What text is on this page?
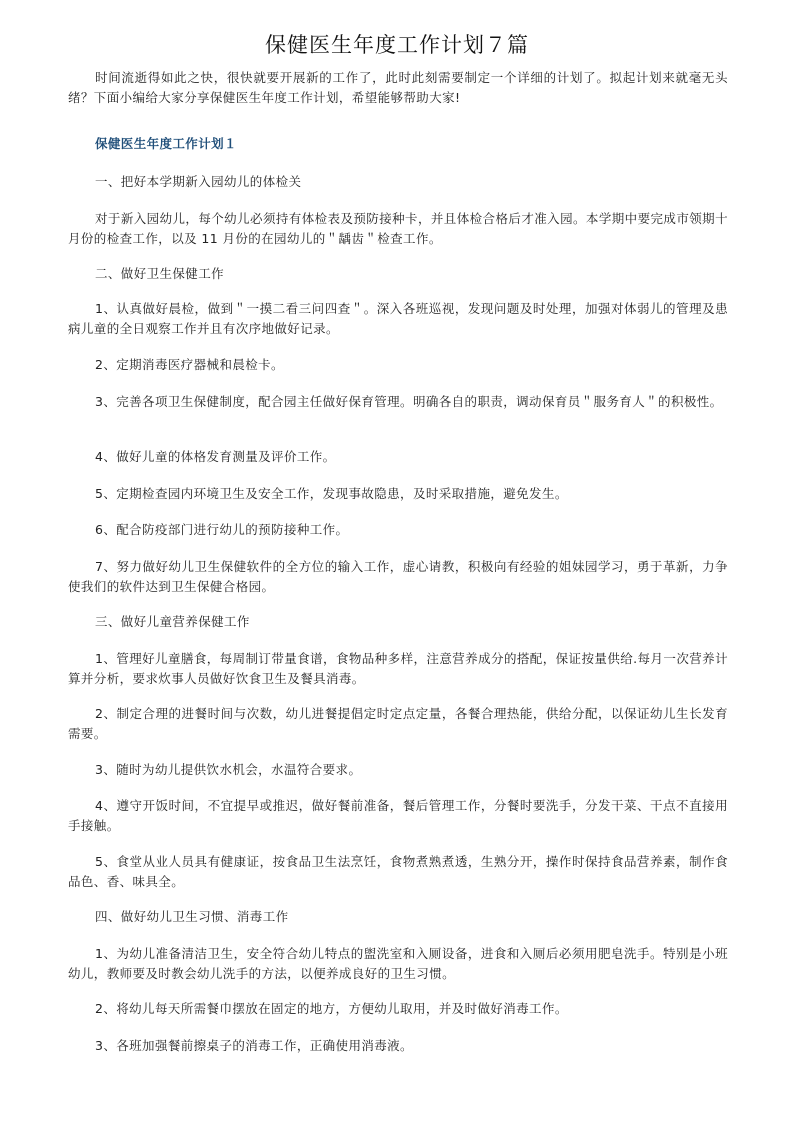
保健医生年度工作计划７篇
时间流逝得如此之快，很快就要开展新的工作了，此时此刻需要制定一个详细的计划了。拟起计划来就毫无头绪？下面小编给大家分享保健医生年度工作计划，希望能够帮助大家!
保健医生年度工作计划１
一、把好本学期新入园幼儿的体检关
对于新入园幼儿，每个幼儿必须持有体检表及预防接种卡，并且体检合格后才准入园。本学期中要完成市领期十月份的检查工作，以及 11 月份的在园幼儿的＂龋齿＂检查工作。
二、做好卫生保健工作
1、认真做好晨检，做到＂一摸二看三问四查＂。深入各班巡视，发现问题及时处理，加强对体弱儿的管理及患病儿童的全日观察工作并且有次序地做好记录。
2、定期消毒医疗器械和晨检卡。
3、完善各项卫生保健制度，配合园主任做好保育管理。明确各自的职责，调动保育员＂服务育人＂的积极性。
4、做好儿童的体格发育测量及评价工作。
5、定期检查园内环境卫生及安全工作，发现事故隐患，及时采取措施，避免发生。
6、配合防疫部门进行幼儿的预防接种工作。
7、努力做好幼儿卫生保健软件的全方位的输入工作，虚心请教，积极向有经验的姐妹园学习，勇于革新，力争使我们的软件达到卫生保健合格园。
三、做好儿童营养保健工作
1、管理好儿童膳食，每周制订带量食谱，食物品种多样，注意营养成分的搭配，保证按量供给.每月一次营养计算并分析，要求炊事人员做好饮食卫生及餐具消毒。
2、制定合理的进餐时间与次数，幼儿进餐提倡定时定点定量，各餐合理热能，供给分配，以保证幼儿生长发育需要。
3、随时为幼儿提供饮水机会，水温符合要求。
4、遵守开饭时间，不宜提早或推迟，做好餐前准备，餐后管理工作，分餐时要洗手，分发干菜、干点不直接用手接触。
5、食堂从业人员具有健康证，按食品卫生法烹饪，食物煮熟煮透，生熟分开，操作时保持食品营养素，制作食品色、香、味具全。
四、做好幼儿卫生习惯、消毒工作
1、为幼儿准备清洁卫生，安全符合幼儿特点的盥洗室和入厕设备，进食和入厕后必须用肥皂洗手。特别是小班幼儿，教师要及时教会幼儿洗手的方法，以便养成良好的卫生习惯。
2、将幼儿每天所需餐巾摆放在固定的地方，方便幼儿取用，并及时做好消毒工作。
3、各班加强餐前擦桌子的消毒工作，正确使用消毒液。
